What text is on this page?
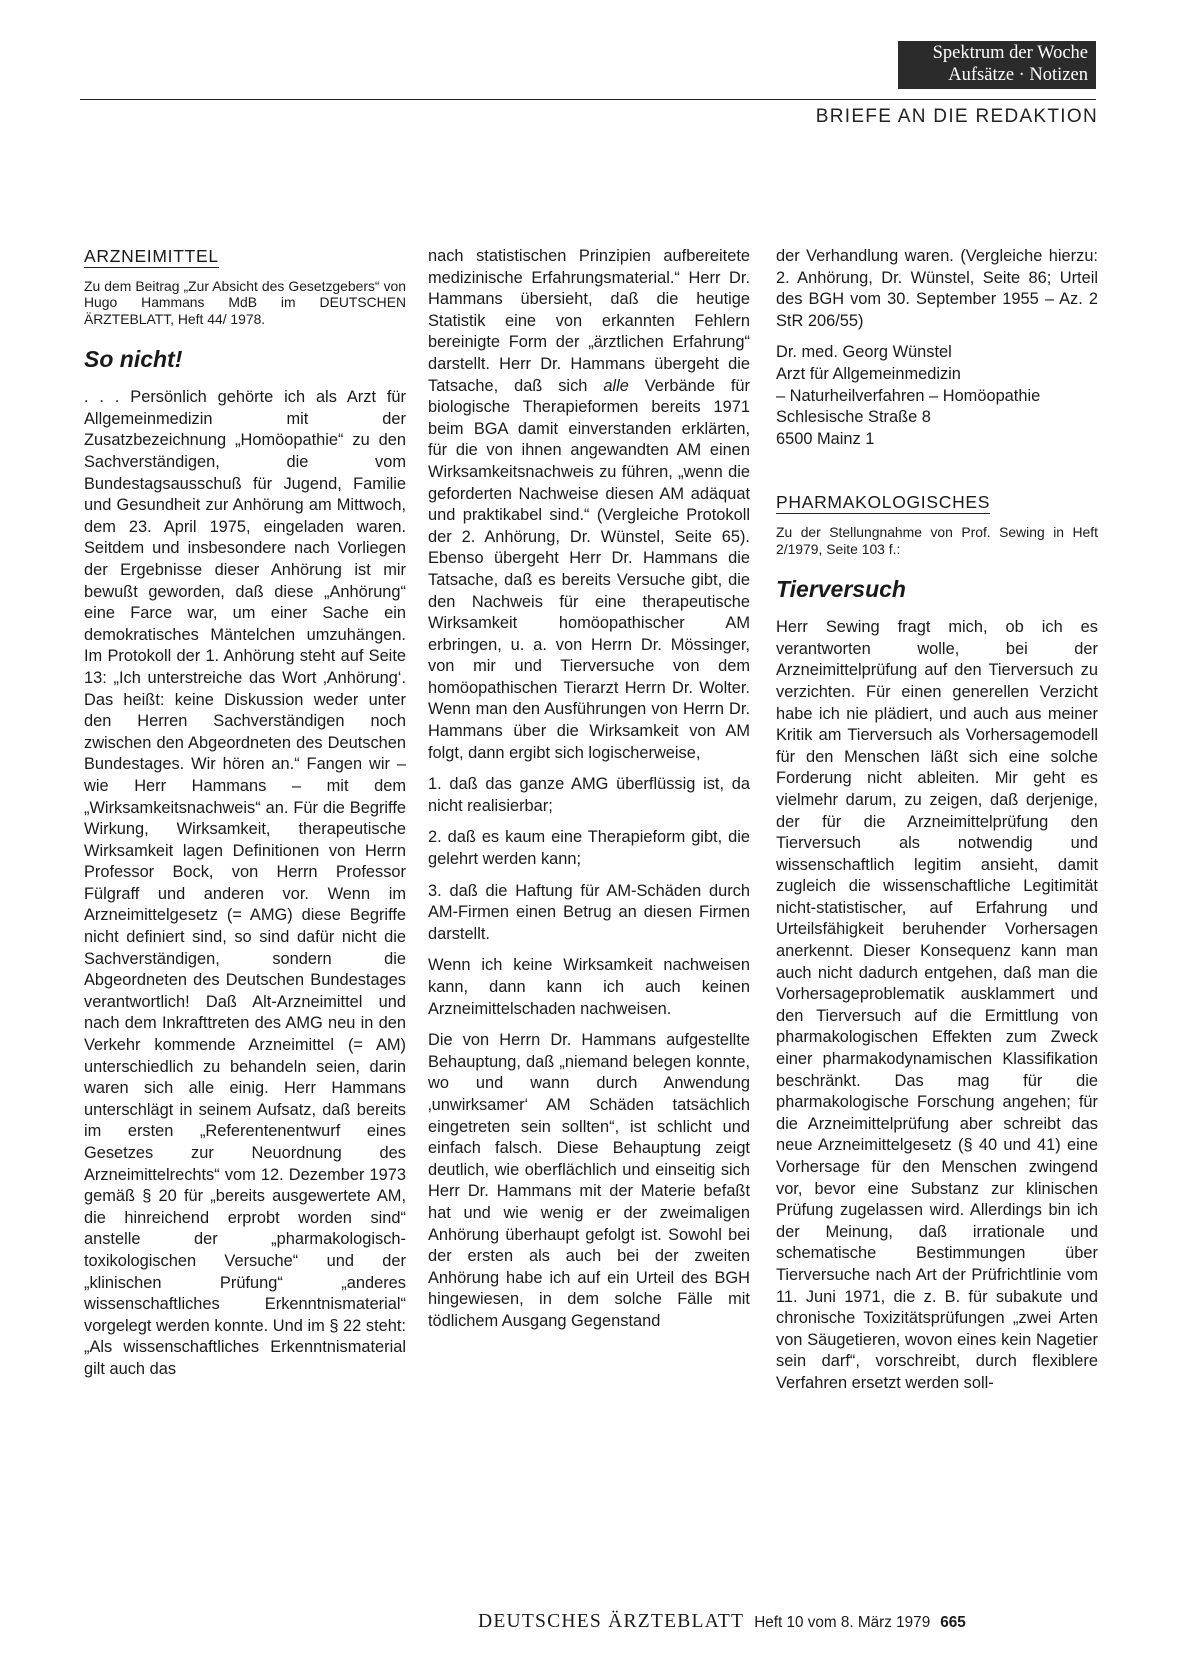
Spektrum der Woche
Aufsätze · Notizen
BRIEFE AN DIE REDAKTION
ARZNEIMITTEL

Zu dem Beitrag „Zur Absicht des Gesetzgebers“ von Hugo Hammans MdB im DEUTSCHEN ÄRZTEBLATT, Heft 44/ 1978.

So nicht!

. . . Persönlich gehörte ich als Arzt für Allgemeinmedizin mit der Zusatzbezeichnung „Homöopathie“ zu den Sachverständigen, die vom Bundestagsausschuß für Jugend, Familie und Gesundheit zur Anhörung am Mittwoch, dem 23. April 1975, eingeladen waren. Seitdem und insbesondere nach Vorliegen der Ergebnisse dieser Anhörung ist mir bewußt geworden, daß diese „Anhörung“ eine Farce war, um einer Sache ein demokratisches Mäntelchen umzuhängen. Im Protokoll der 1. Anhörung steht auf Seite 13: „Ich unterstreiche das Wort ‚Anhörung‘. Das heißt: keine Diskussion weder unter den Herren Sachverständigen noch zwischen den Abgeordneten des Deutschen Bundestages. Wir hören an.“ Fangen wir – wie Herr Hammans – mit dem „Wirksamkeitsnachweis“ an. Für die Begriffe Wirkung, Wirksamkeit, therapeutische Wirksamkeit lagen Definitionen von Herrn Professor Bock, von Herrn Professor Fülgraff und anderen vor. Wenn im Arzneimittelgesetz (= AMG) diese Begriffe nicht definiert sind, so sind dafür nicht die Sachverständigen, sondern die Abgeordneten des Deutschen Bundestages verantwortlich! Daß Alt-Arzneimittel und nach dem Inkrafttreten des AMG neu in den Verkehr kommende Arzneimittel (= AM) unterschiedlich zu behandeln seien, darin waren sich alle einig. Herr Hammans unterschlägt in seinem Aufsatz, daß bereits im ersten „Referentenentwurf eines Gesetzes zur Neuordnung des Arzneimittelrechts“ vom 12. Dezember 1973 gemäß § 20 für „bereits ausgewertete AM, die hinreichend erprobt worden sind“ anstelle der „pharmakologisch-toxikologischen Versuche“ und der „klinischen Prüfung“ „anderes wissenschaftliches Erkenntnismaterial“ vorgelegt werden konnte. Und im § 22 steht: „Als wissenschaftliches Erkenntnismaterial gilt auch das

nach statistischen Prinzipien aufbereitete medizinische Erfahrungsmaterial.“ Herr Dr. Hammans übersieht, daß die heutige Statistik eine von erkannten Fehlern bereinigte Form der „ärztlichen Erfahrung“ darstellt. Herr Dr. Hammans übergeht die Tatsache, daß sich alle Verbände für biologische Therapieformen bereits 1971 beim BGA damit einverstanden erklärten, für die von ihnen angewandten AM einen Wirksamkeitsnachweis zu führen, „wenn die geforderten Nachweise diesen AM adäquat und praktikabel sind.“ (Vergleiche Protokoll der 2. Anhörung, Dr. Wünstel, Seite 65). Ebenso übergeht Herr Dr. Hammans die Tatsache, daß es bereits Versuche gibt, die den Nachweis für eine therapeutische Wirksamkeit homöopathischer AM erbringen, u. a. von Herrn Dr. Mössinger, von mir und Tierversuche von dem homöopathischen Tierarzt Herrn Dr. Wolter. Wenn man den Ausführungen von Herrn Dr. Hammans über die Wirksamkeit von AM folgt, dann ergibt sich logischerweise,

1. daß das ganze AMG überflüssig ist, da nicht realisierbar;

2. daß es kaum eine Therapieform gibt, die gelehrt werden kann;

3. daß die Haftung für AM-Schäden durch AM-Firmen einen Betrug an diesen Firmen darstellt.

Wenn ich keine Wirksamkeit nachweisen kann, dann kann ich auch keinen Arzneimittelschaden nachweisen.

Die von Herrn Dr. Hammans aufgestellte Behauptung, daß „niemand belegen konnte, wo und wann durch Anwendung ‚unwirksamer‘ AM Schäden tatsächlich eingetreten sein sollten“, ist schlicht und einfach falsch. Diese Behauptung zeigt deutlich, wie oberflächlich und einseitig sich Herr Dr. Hammans mit der Materie befaßt hat und wie wenig er der zweimaligen Anhörung überhaupt gefolgt ist. Sowohl bei der ersten als auch bei der zweiten Anhörung habe ich auf ein Urteil des BGH hingewiesen, in dem solche Fälle mit tödlichem Ausgang Gegenstand

der Verhandlung waren. (Vergleiche hierzu: 2. Anhörung, Dr. Wünstel, Seite 86; Urteil des BGH vom 30. September 1955 – Az. 2 StR 206/55)

Dr. med. Georg Wünstel
Arzt für Allgemeinmedizin
– Naturheilverfahren – Homöopathie
Schlesische Straße 8
6500 Mainz 1
PHARMAKOLOGISCHES

Zu der Stellungnahme von Prof. Sewing in Heft 2/1979, Seite 103 f.:

Tierversuch

Herr Sewing fragt mich, ob ich es verantworten wolle, bei der Arzneimittelprüfung auf den Tierversuch zu verzichten. Für einen generellen Verzicht habe ich nie plädiert, und auch aus meiner Kritik am Tierversuch als Vorhersagemodell für den Menschen läßt sich eine solche Forderung nicht ableiten. Mir geht es vielmehr darum, zu zeigen, daß derjenige, der für die Arzneimittelprüfung den Tierversuch als notwendig und wissenschaftlich legitim ansieht, damit zugleich die wissenschaftliche Legitimität nicht-statistischer, auf Erfahrung und Urteilsfähigkeit beruhender Vorhersagen anerkennt. Dieser Konsequenz kann man auch nicht dadurch entgehen, daß man die Vorhersageproblematik ausklammert und den Tierversuch auf die Ermittlung von pharmakologischen Effekten zum Zweck einer pharmakodynamischen Klassifikation beschränkt. Das mag für die pharmakologische Forschung angehen; für die Arzneimittelprüfung aber schreibt das neue Arzneimittelgesetz (§ 40 und 41) eine Vorhersage für den Menschen zwingend vor, bevor eine Substanz zur klinischen Prüfung zugelassen wird. Allerdings bin ich der Meinung, daß irrationale und schematische Bestimmungen über Tierversuche nach Art der Prüfrichtlinie vom 11. Juni 1971, die z. B. für subakute und chronische Toxizitätsprüfungen „zwei Arten von Säugetieren, wovon eines kein Nagetier sein darf“, vorschreibt, durch flexiblere Verfahren ersetzt werden soll-

DEUTSCHES ÄRZTEBLATT Heft 10 vom 8. März 1979 665
